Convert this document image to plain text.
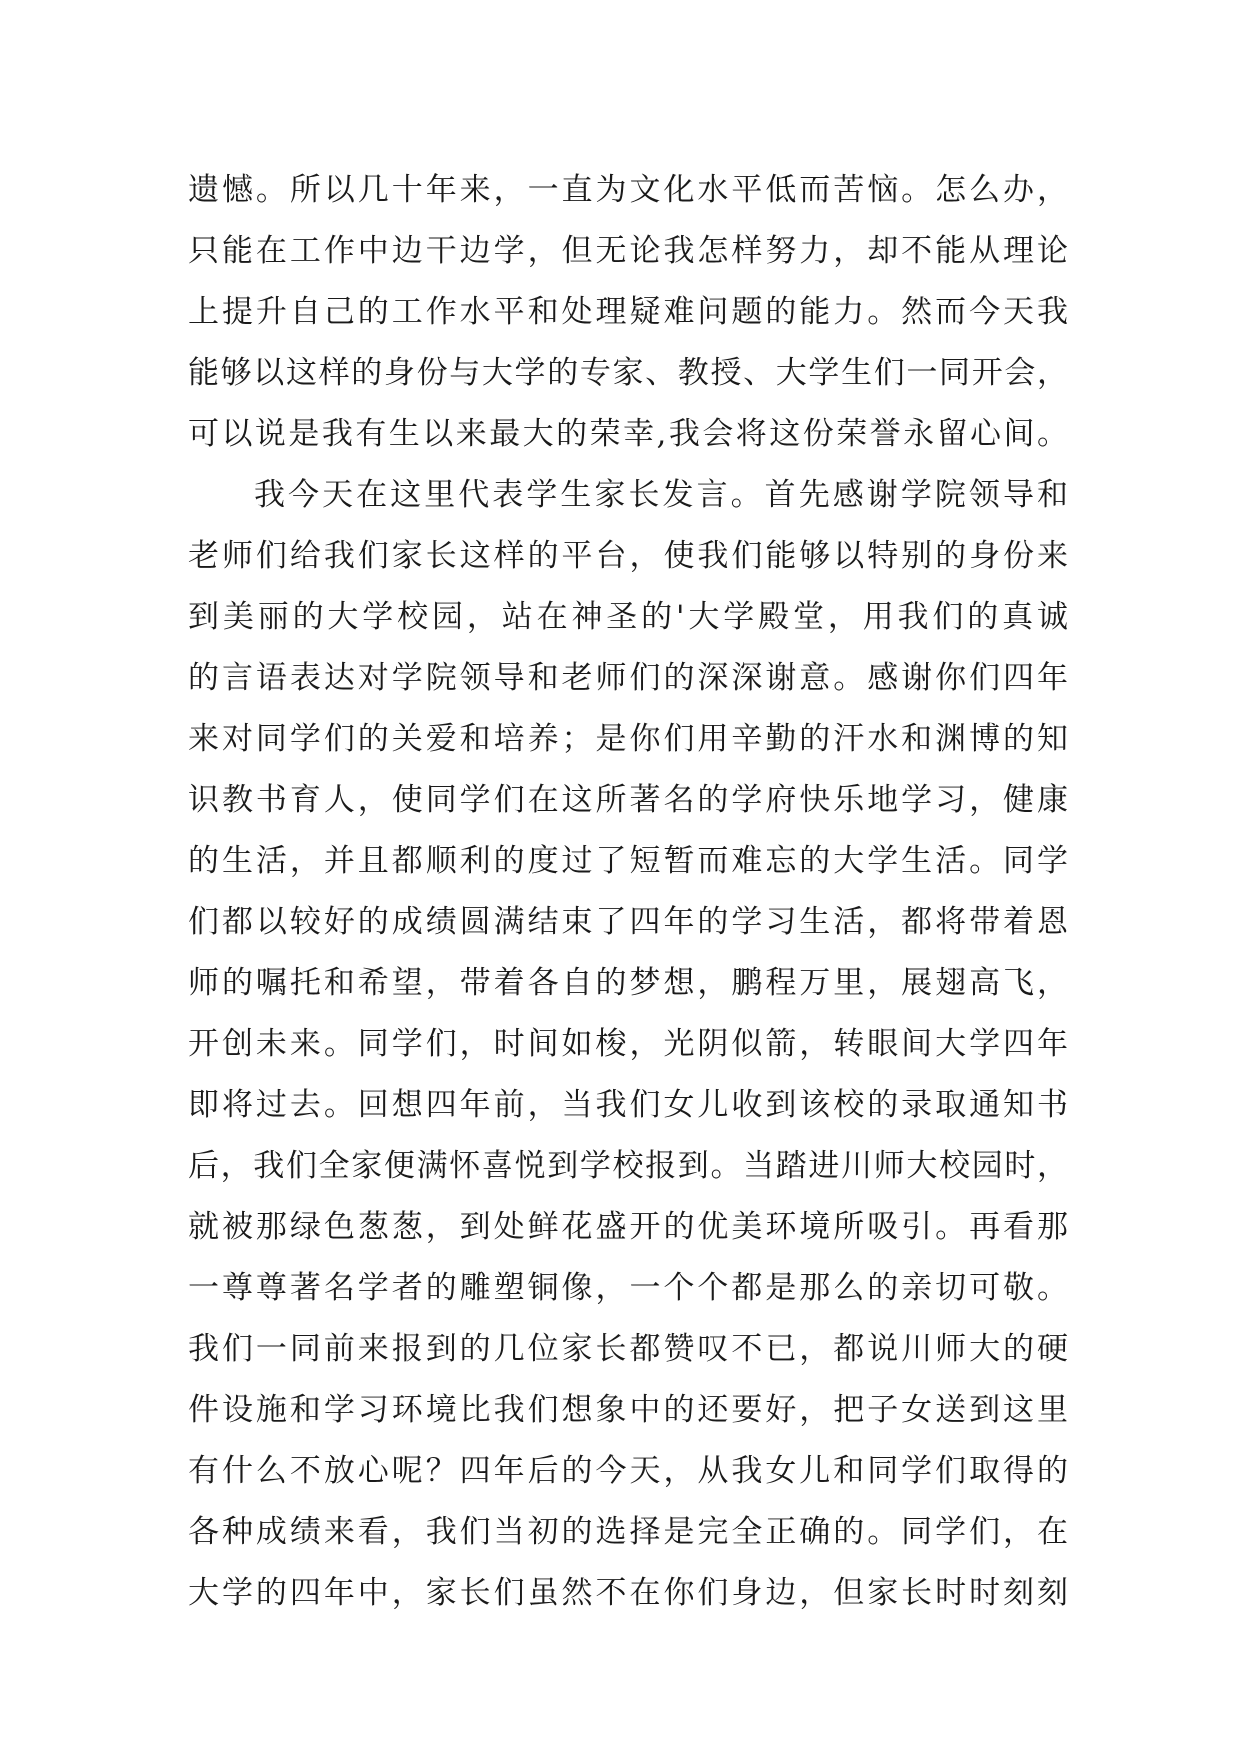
遗憾。所以几十年来，一直为文化水平低而苦恼。怎么办，
只能在工作中边干边学，但无论我怎样努力，却不能从理论
上提升自己的工作水平和处理疑难问题的能力。然而今天我
能够以这样的身份与大学的专家、教授、大学生们一同开会，
可以说是我有生以来最大的荣幸,我会将这份荣誉永留心间。
我今天在这里代表学生家长发言。首先感谢学院领导和
老师们给我们家长这样的平台，使我们能够以特别的身份来
到美丽的大学校园，站在神圣的'大学殿堂，用我们的真诚
的言语表达对学院领导和老师们的深深谢意。感谢你们四年
来对同学们的关爱和培养；是你们用辛勤的汗水和渊博的知
识教书育人，使同学们在这所著名的学府快乐地学习，健康
的生活，并且都顺利的度过了短暂而难忘的大学生活。同学
们都以较好的成绩圆满结束了四年的学习生活，都将带着恩
师的嘱托和希望，带着各自的梦想，鹏程万里，展翅高飞，
开创未来。同学们，时间如梭，光阴似箭，转眼间大学四年
即将过去。回想四年前，当我们女儿收到该校的录取通知书
后，我们全家便满怀喜悦到学校报到。当踏进川师大校园时，
就被那绿色葱葱，到处鲜花盛开的优美环境所吸引。再看那
一尊尊著名学者的雕塑铜像，一个个都是那么的亲切可敬。
我们一同前来报到的几位家长都赞叹不已，都说川师大的硬
件设施和学习环境比我们想象中的还要好，把子女送到这里
有什么不放心呢？四年后的今天，从我女儿和同学们取得的
各种成绩来看，我们当初的选择是完全正确的。同学们，在
大学的四年中，家长们虽然不在你们身边，但家长时时刻刻
